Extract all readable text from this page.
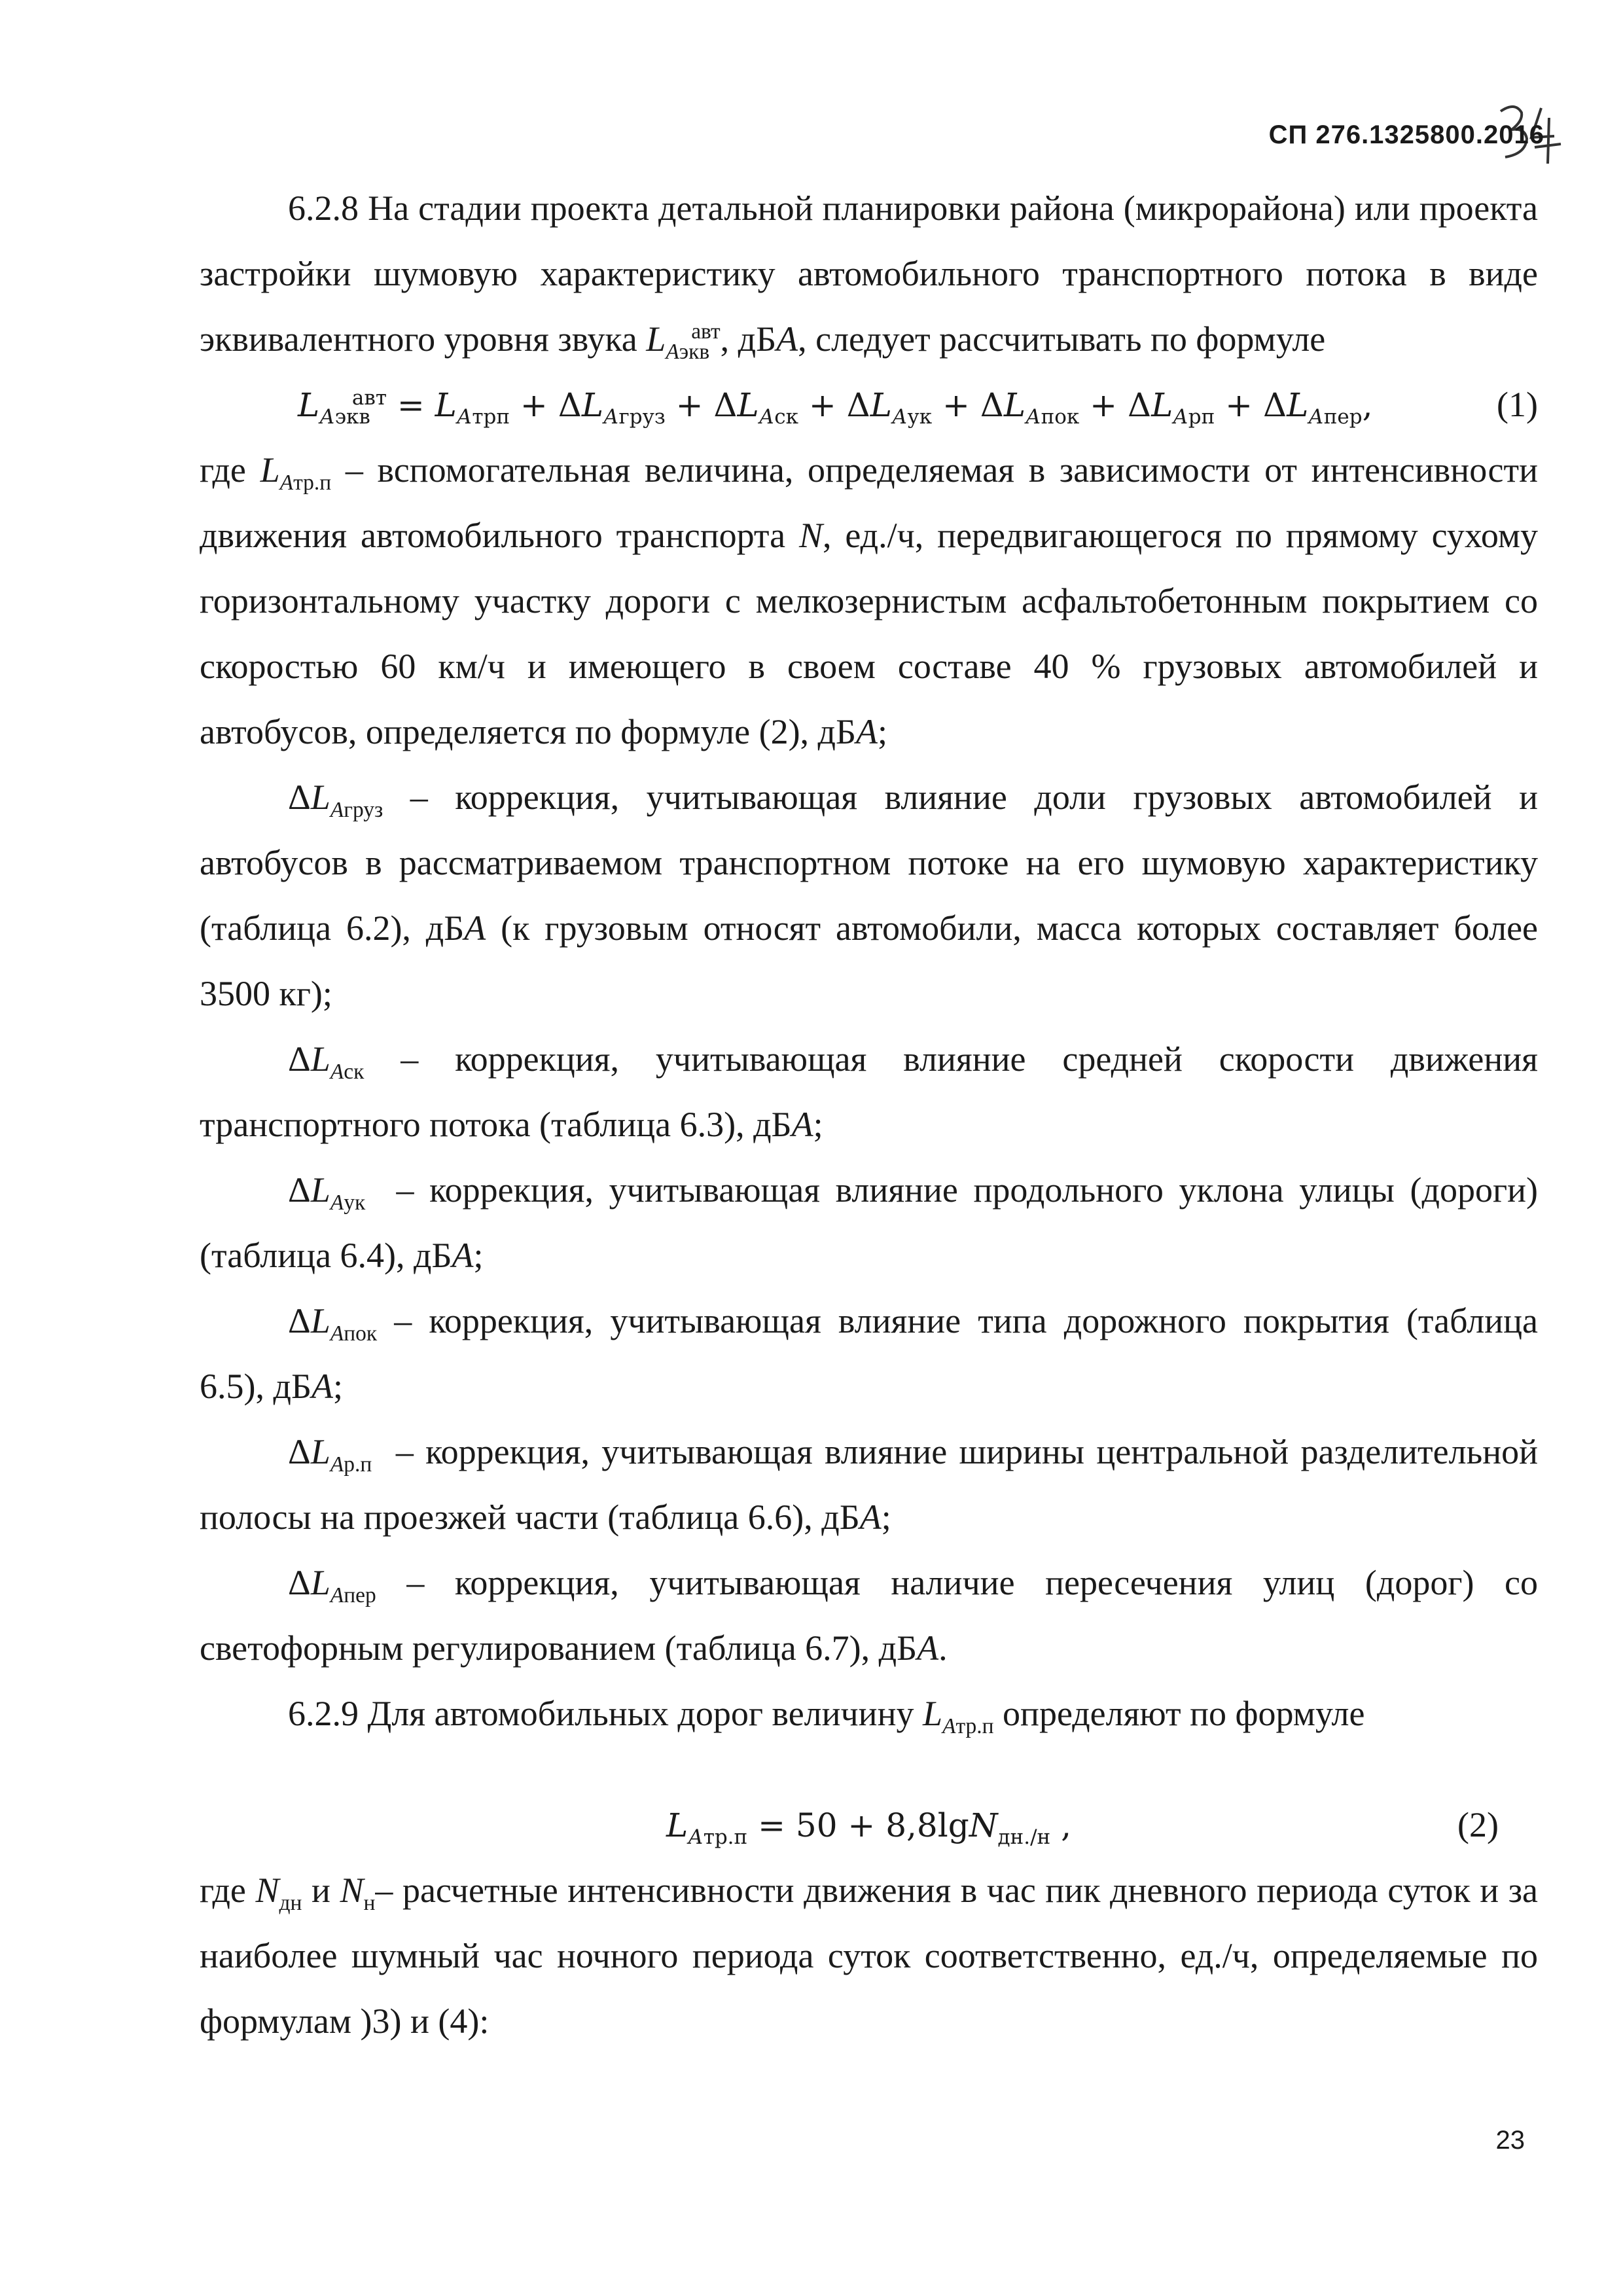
СП 276.1325800.2016

6.2.8 На стадии проекта детальной планировки района (микрорайона) или проекта застройки шумовую характеристику автомобильного транспортного потока в виде эквивалентного уровня звука $L_{Аэкв}^{авт}$, дБА, следует рассчитывать по формуле

$L_{Аэкв}^{авт} = L_{Атрп} + \Delta L_{Агруз} + \Delta L_{Аск} + \Delta L_{Аук} + \Delta L_{Апок} + \Delta L_{Арп} + \Delta L_{Апер}$,	(1)

где $L_{Атр.п}$ – вспомогательная величина, определяемая в зависимости от интенсивности движения автомобильного транспорта N, ед./ч, передвигающегося по прямому сухому горизонтальному участку дороги с мелкозернистым асфальтобетонным покрытием со скоростью 60 км/ч и имеющего в своем составе 40 % грузовых автомобилей и автобусов, определяется по формуле (2), дБА;

$\Delta L_{Агруз}$ – коррекция, учитывающая влияние доли грузовых автомобилей и автобусов в рассматриваемом транспортном потоке на его шумовую характеристику (таблица 6.2), дБА (к грузовым относят автомобили, масса которых составляет более 3500 кг);

$\Delta L_{Аск}$ – коррекция, учитывающая влияние средней скорости движения транспортного потока (таблица 6.3), дБА;

$\Delta L_{Аук}$  – коррекция, учитывающая влияние продольного уклона улицы (дороги) (таблица 6.4), дБА;

$\Delta L_{Апок}$ – коррекция, учитывающая влияние типа дорожного покрытия (таблица 6.5), дБА;

$\Delta L_{Ар.п}$  – коррекция, учитывающая влияние ширины центральной разделительной полосы на проезжей части (таблица 6.6), дБА;

$\Delta L_{Апер}$ – коррекция, учитывающая наличие пересечения улиц (дорог) со светофорным регулированием (таблица 6.7), дБА.

6.2.9 Для автомобильных дорог величину $L_{Атр.п}$ определяют по формуле

$L_{Атр.п} = 50 + 8,8\lg N_{дн./н}$ ,	(2)

где $N_{дн}$ и $N_н-$ расчетные интенсивности движения в час пик дневного периода суток и за наиболее шумный час ночного периода суток соответственно, ед./ч, определяемые по формулам )3) и (4):

23
